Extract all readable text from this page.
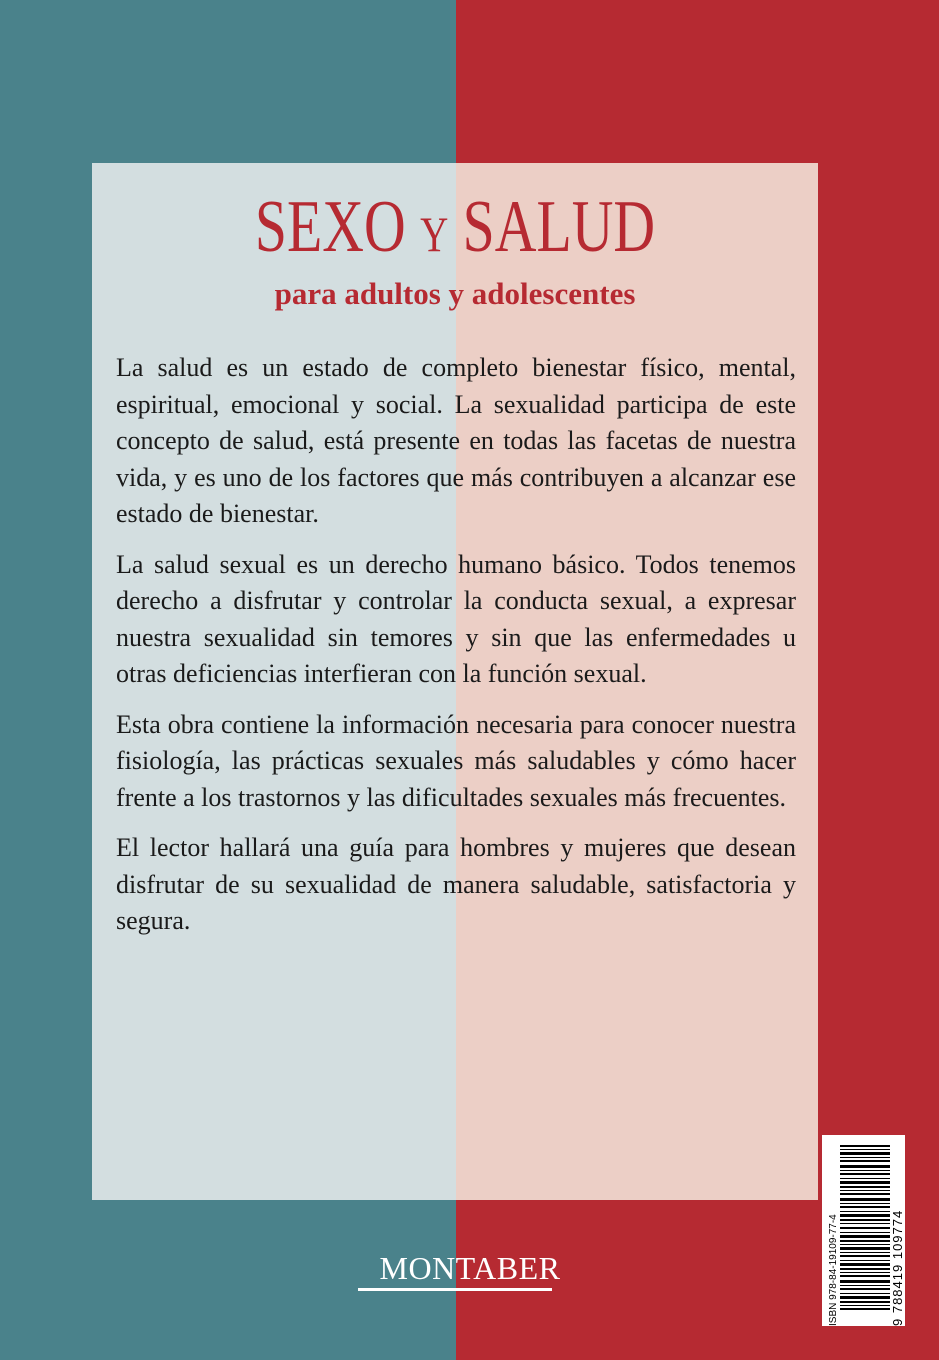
SEXO Y SALUD
para adultos y adolescentes

La salud es un estado de completo bienestar físico, mental, espiritual, emocional y social. La sexualidad participa de este concepto de salud, está presente en todas las facetas de nuestra vida, y es uno de los factores que más contribuyen a alcanzar ese estado de bienestar.

La salud sexual es un derecho humano básico. Todos tenemos derecho a disfrutar y controlar la conducta sexual, a expresar nuestra sexualidad sin temores y sin que las enfermedades u otras deficiencias interfieran con la función sexual.

Esta obra contiene la información necesaria para conocer nuestra fisiología, las prácticas sexuales más saludables y cómo hacer frente a los trastornos y las dificultades sexuales más frecuentes.

El lector hallará una guía para hombres y mujeres que desean disfrutar de su sexualidad de manera saludable, satisfactoria y segura.

ISBN 978-84-19109-77-4	9 788419 109774
MONTABER
